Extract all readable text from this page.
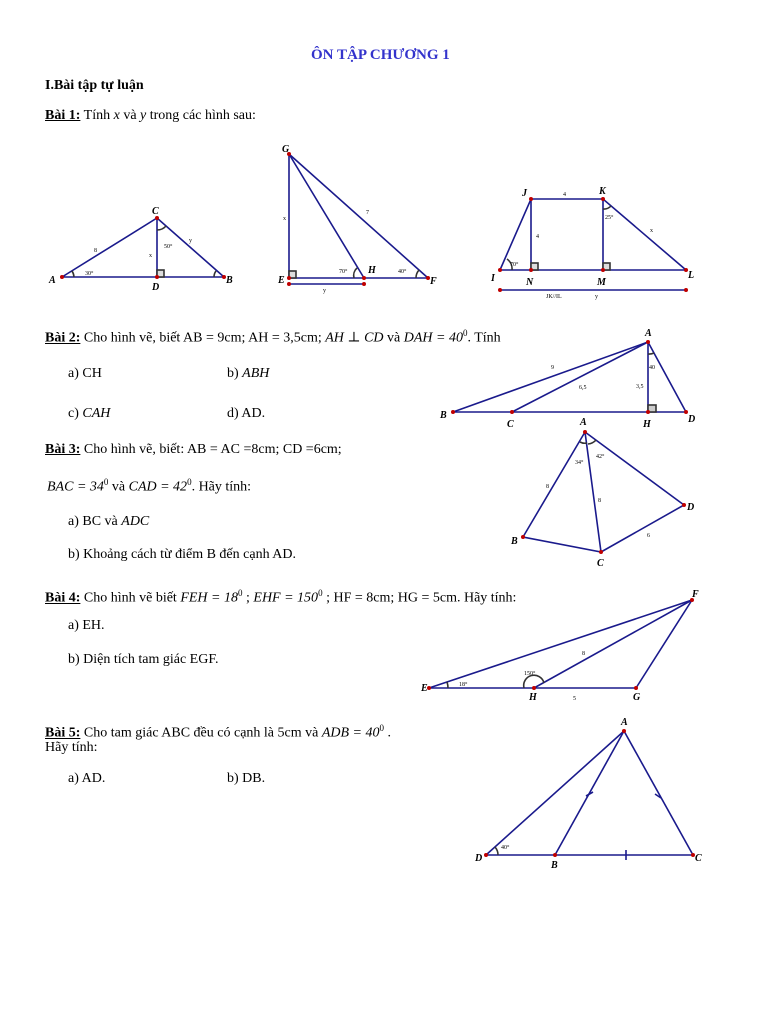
ÔN TẬP CHƯƠNG 1
I.Bài tập tự luận
Bài 1: Tính x và y trong các hình sau:
Bài 2: Cho hình vẽ, biết AB = 9cm; AH = 3,5cm; AH ⊥ CD và DAH = $40^0$. Tính
a) CH	b) ABH
c) CAH	d) AD.
Bài 3: Cho hình vẽ, biết: AB = AC =8cm; CD =6cm;
BAC = $34^0$ và CAD = $42^0$. Hãy tính:
a) BC và ADC
b) Khoảng cách từ điểm B đến cạnh AD.
Bài 4: Cho hình vẽ biết FEH = $18^0$ ; EHF = $150^0$ ; HF = 8cm; HG = 5cm. Hãy tính:
a) EH.
b) Diện tích tam giác EGF.
Bài 5: Cho tam giác ABC đều có cạnh là 5cm và ADB = $40^0$ .
Hãy tính:
a) AD.	b) DB.
A	B
C
D
8
y
x
30°
50°
G
E	F
H
x
7
y
70°	40°
I
J	K
L
M
N
4
4
x
y
70°
25°
JK//IL
A
B
C	H	D
9
6,5	3,5
40
A
B
C
D
34°
42°
8
8
6
E
F
G
H
18°
150°
8
5
A
B
C
D
40°
